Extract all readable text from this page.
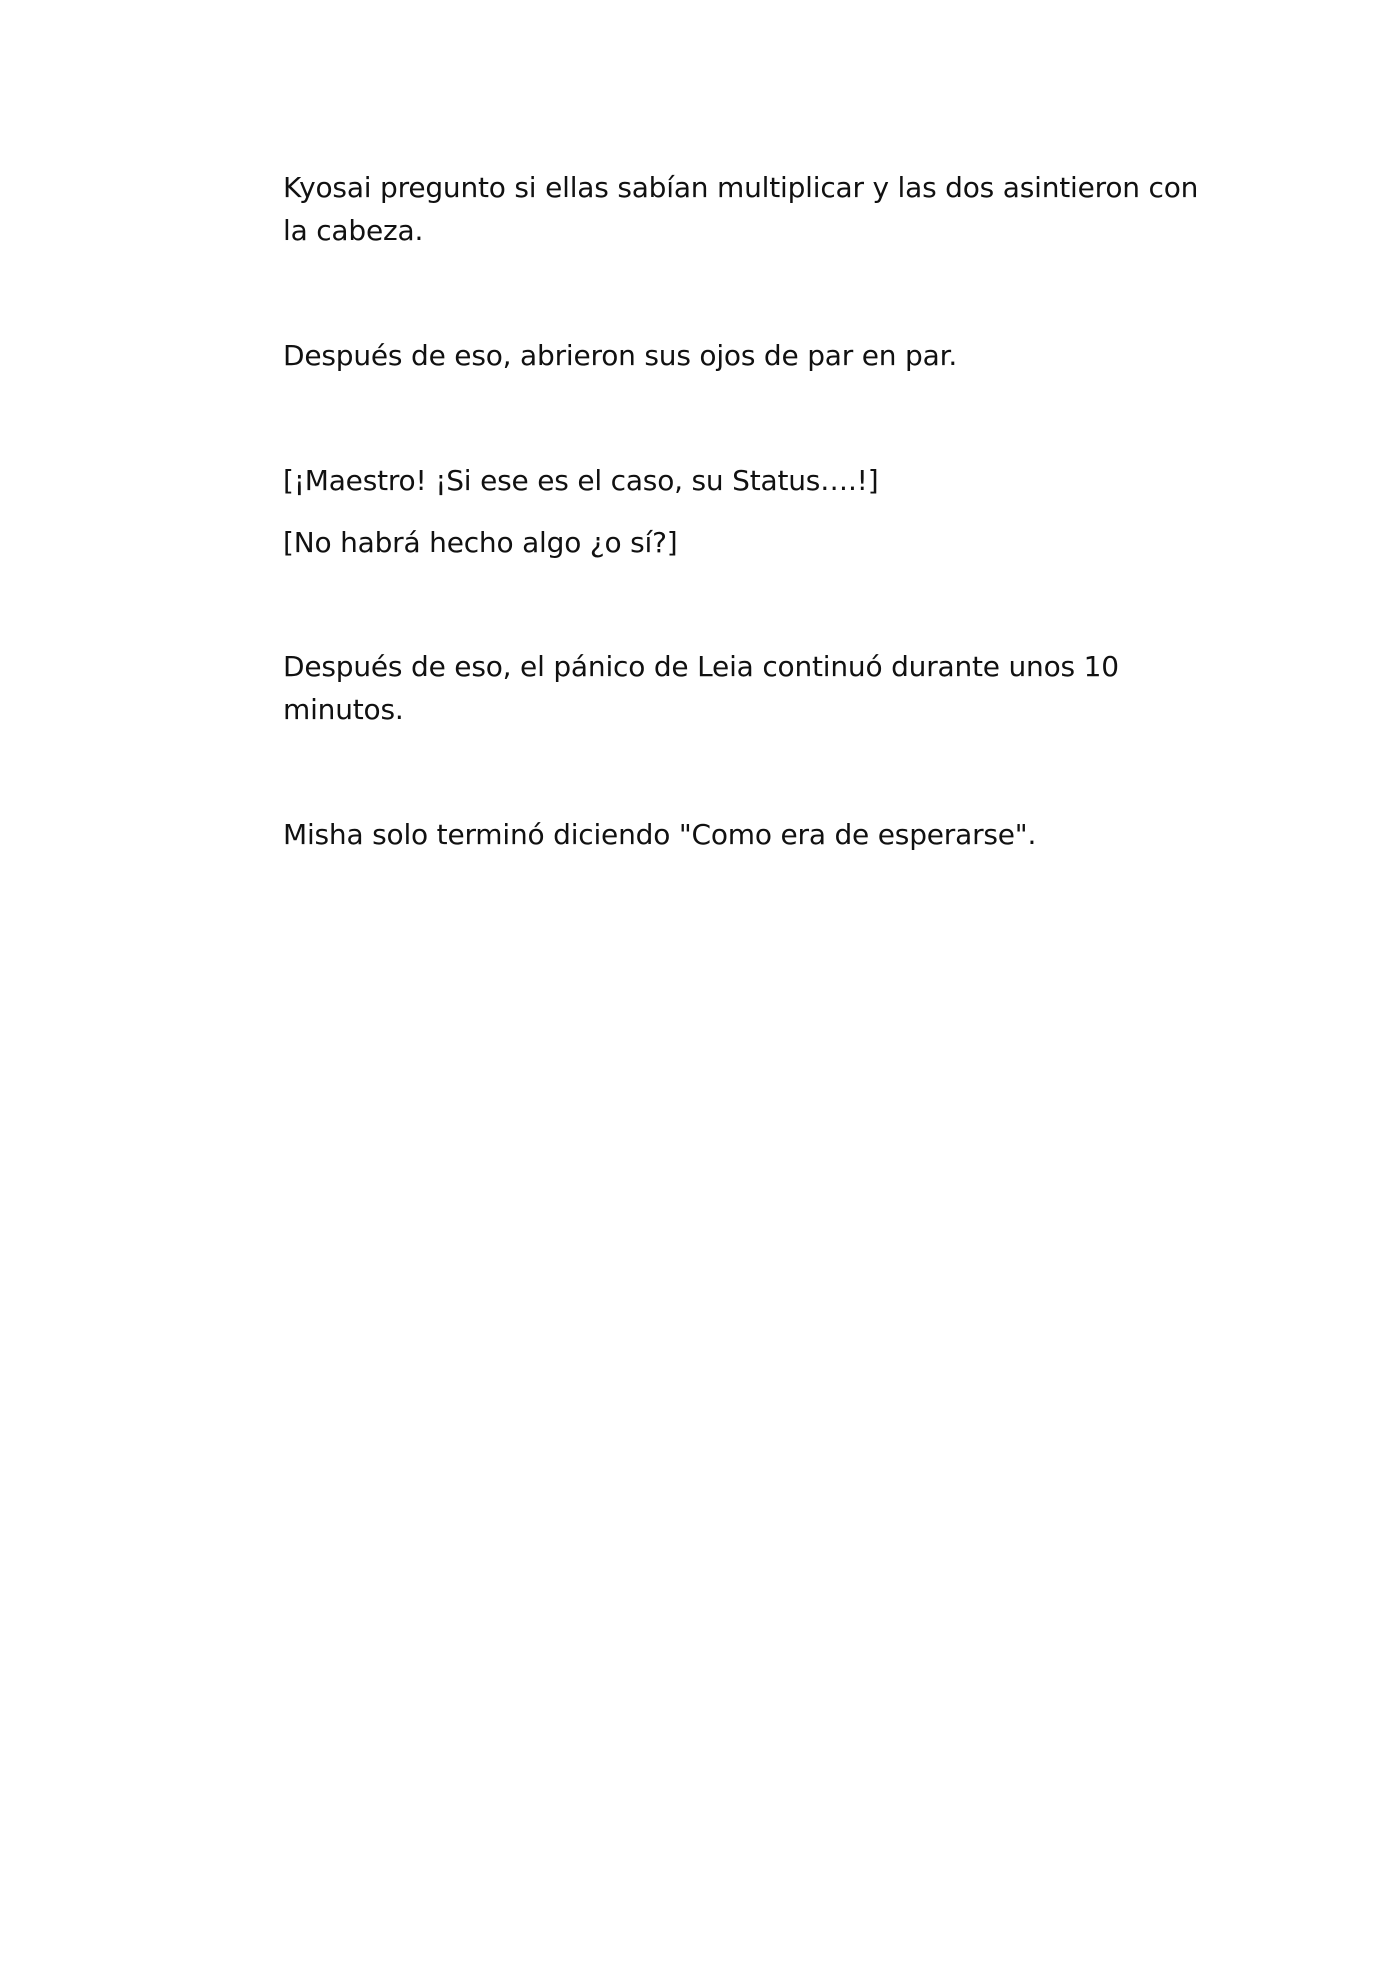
Kyosai pregunto si ellas sabían multiplicar y las dos asintieron con la cabeza.

Después de eso, abrieron sus ojos de par en par.

[¡Maestro! ¡Si ese es el caso, su Status….!]

[No habrá hecho algo ¿o sí?]

Después de eso, el pánico de Leia continuó durante unos 10 minutos.

Misha solo terminó diciendo "Como era de esperarse".
